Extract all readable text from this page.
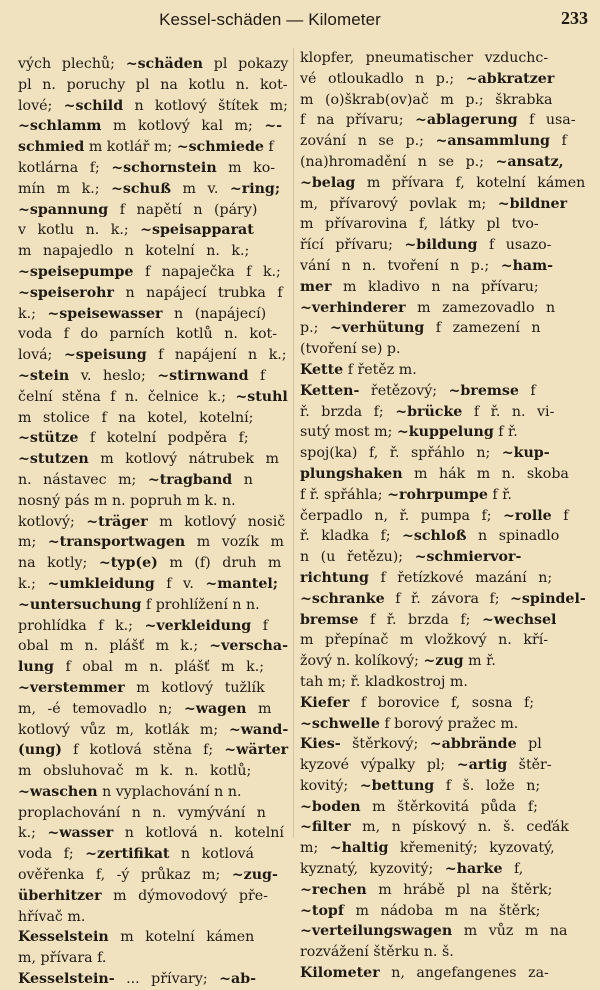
Kessel-schäden — Kilometer	233
vých plechů; ~schäden pl pokazy
pl n. poruchy pl na kotlu n. kot-
lové; ~schild n kotlový štítek m;
~schlamm m kotlový kal m; ~-
schmied m kotlář m; ~schmiede f
kotlárna f; ~schornstein m ko-
mín m k.; ~schuß m v. ~ring;
~spannung f napětí n (páry)
v kotlu n. k.; ~speisapparat
m napajedlo n kotelní n. k.;
~speisepumpe f napaječka f k.;
~speiserohr n napájecí trubka f
k.; ~speisewasser n (napájecí)
voda f do parních kotlů n. kot-
lová; ~speisung f napájení n k.;
~stein v. heslo; ~stirnwand f
čelní stěna f n. čelnice k.; ~stuhl
m stolice f na kotel, kotelní;
~stütze f kotelní podpěra f;
~stutzen m kotlový nátrubek m
n. nástavec m; ~tragband n
nosný pás m n. popruh m k. n.
kotlový; ~träger m kotlový nosič
m; ~transportwagen m vozík m
na kotly; ~typ(e) m (f) druh m
k.; ~umkleidung f v. ~mantel;
~untersuchung f prohlížení n n.
prohlídka f k.; ~verkleidung f
obal m n. plášť m k.; ~verscha-
lung f obal m n. plášť m k.;
~verstemmer m kotlový tužlík
m, -é temovadlo n; ~wagen m
kotlový vůz m, kotlák m; ~wand-
(ung) f kotlová stěna f; ~wärter
m obsluhovač m k. n. kotlů;
~waschen n vyplachování n n.
proplachování n n. vymývání n
k.; ~wasser n kotlová n. kotelní
voda f; ~zertifikat n kotlová
ověřenka f, -ý průkaz m; ~zug-
überhitzer m dýmovodový pře-
hřívač m.
Kesselstein m kotelní kámen
m, přívara f.
Kesselstein- ... přívary; ~ab-
klopfer, pneumatischer vzduchc-
vé otloukadlo n p.; ~abkratzer
m (o)škrab(ov)ač m p.; škrabka
f na přívaru; ~ablagerung f usa-
zování n se p.; ~ansammlung f
(na)hromadění n se p.; ~ansatz,
~belag m přívara f, kotelní kámen
m, přívarový povlak m; ~bildner
m přívarovina f, látky pl tvo-
řící přívaru; ~bildung f usazo-
vání n n. tvoření n p.; ~ham-
mer m kladivo n na přívaru;
~verhinderer m zamezovadlo n
p.; ~verhütung f zamezení n
(tvoření se) p.
Kette f řetěz m.
Ketten- řetězový; ~bremse f
ř. brzda f; ~brücke f ř. n. vi-
sutý most m; ~kuppelung f ř.
spoj(ka) f, ř. spřáhlo n; ~kup-
plungshaken m hák m n. skoba
f ř. spřáhla; ~rohrpumpe f ř.
čerpadlo n, ř. pumpa f; ~rolle f
ř. kladka f; ~schloß n spinadlo
n (u řetězu); ~schmiervor-
richtung f řetízkové mazání n;
~schranke f ř. závora f; ~spindel-
bremse f ř. brzda f; ~wechsel
m přepínač m vložkový n. kří-
žový n. kolíkový; ~zug m ř.
tah m; ř. kladkostroj m.
Kiefer f borovice f, sosna f;
~schwelle f borový pražec m.
Kies- štěrkový; ~abbrände pl
kyzové výpalky pl; ~artig štěr-
kovitý; ~bettung f š. lože n;
~boden m štěrkovitá půda f;
~filter m, n pískový n. š. ceďák
m; ~haltig křemenitý; kyzovatý,
kyznatý, kyzovitý; ~harke f,
~rechen m hrábě pl na štěrk;
~topf m nádoba m na štěrk;
~verteilungswagen m vůz m na
rozvážení štěrku n. š.
Kilometer n, angefangenes za-
